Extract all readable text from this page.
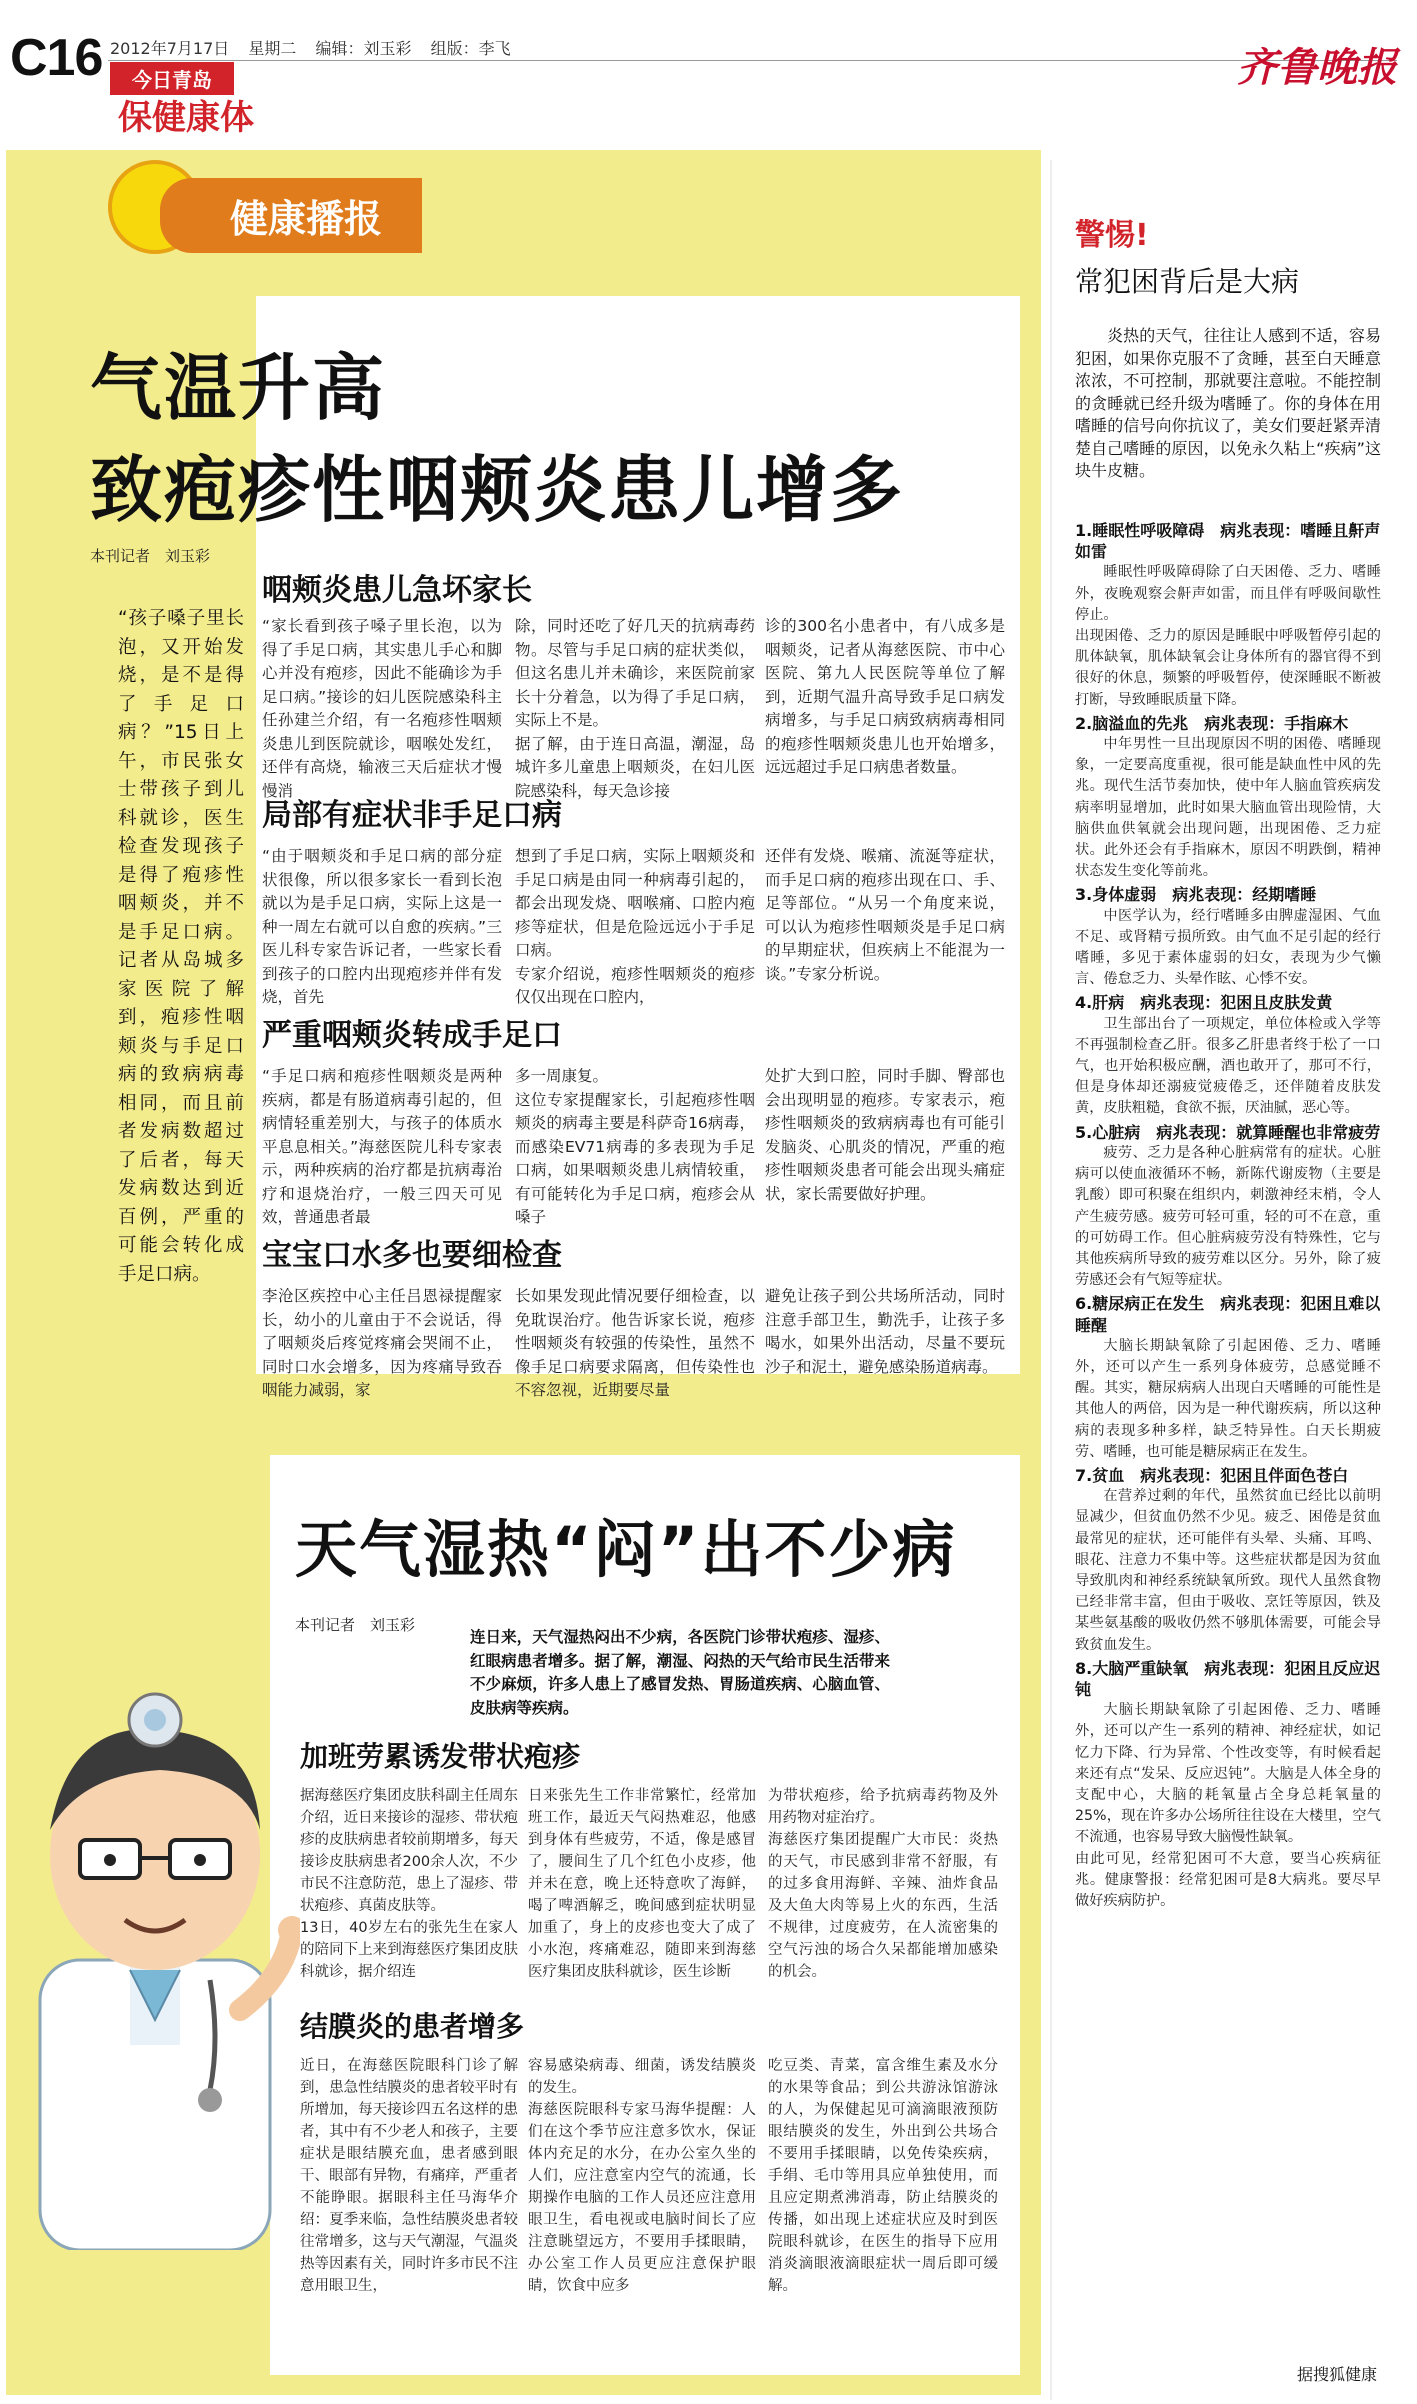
C16 2012年7月17日 星期二 编辑：刘玉彩 组版：李飞
今日青岛
保健康体
齐鲁晚报
健康播报
气温升高
致疱疹性咽颊炎患儿增多
本刊记者　刘玉彩
“孩子嗓子里长泡，又开始发烧，是不是得了手足口病？”15日上午，市民张女士带孩子到儿科就诊，医生检查发现孩子是得了疱疹性咽颊炎，并不是手足口病。记者从岛城多家医院了解到，疱疹性咽颊炎与手足口病的致病病毒相同，而且前者发病数超过了后者，每天发病数达到近百例，严重的可能会转化成手足口病。
咽颊炎患儿急坏家长
“家长看到孩子嗓子里长泡，以为得了手足口病，其实患儿手心和脚心并没有疱疹，因此不能确诊为手足口病。”接诊的妇儿医院感染科主任孙建兰介绍，有一名疱疹性咽颊炎患儿到医院就诊，咽喉处发红，还伴有高烧，输液三天后症状才慢慢消
除，同时还吃了好几天的抗病毒药物。尽管与手足口病的症状类似，但这名患儿并未确诊，来医院前家长十分着急，以为得了手足口病，实际上不是。
据了解，由于连日高温，潮湿，岛城许多儿童患上咽颊炎，在妇儿医院感染科，每天急诊接
诊的300名小患者中，有八成多是咽颊炎，记者从海慈医院、市中心医院、第九人民医院等单位了解到，近期气温升高导致手足口病发病增多，与手足口病致病病毒相同的疱疹性咽颊炎患儿也开始增多，远远超过手足口病患者数量。
局部有症状非手足口病
“由于咽颊炎和手足口病的部分症状很像，所以很多家长一看到长泡就以为是手足口病，实际上这是一种一周左右就可以自愈的疾病。”三医儿科专家告诉记者，一些家长看到孩子的口腔内出现疱疹并伴有发烧，首先
想到了手足口病，实际上咽颊炎和手足口病是由同一种病毒引起的，都会出现发烧、咽喉痛、口腔内疱疹等症状，但是危险远远小于手足口病。
专家介绍说，疱疹性咽颊炎的疱疹仅仅出现在口腔内，
还伴有发烧、喉痛、流涎等症状，而手足口病的疱疹出现在口、手、足等部位。“从另一个角度来说，可以认为疱疹性咽颊炎是手足口病的早期症状，但疾病上不能混为一谈。”专家分析说。
严重咽颊炎转成手足口
“手足口病和疱疹性咽颊炎是两种疾病，都是有肠道病毒引起的，但病情轻重差别大，与孩子的体质水平息息相关。”海慈医院儿科专家表示，两种疾病的治疗都是抗病毒治疗和退烧治疗，一般三四天可见效，普通患者最
多一周康复。
这位专家提醒家长，引起疱疹性咽颊炎的病毒主要是科萨奇16病毒，而感染EV71病毒的多表现为手足口病，如果咽颊炎患儿病情较重，有可能转化为手足口病，疱疹会从嗓子
处扩大到口腔，同时手脚、臀部也会出现明显的疱疹。专家表示，疱疹性咽颊炎的致病病毒也有可能引发脑炎、心肌炎的情况，严重的疱疹性咽颊炎患者可能会出现头痛症状，家长需要做好护理。
宝宝口水多也要细检查
李沧区疾控中心主任吕恩禄提醒家长，幼小的儿童由于不会说话，得了咽颊炎后疼觉疼痛会哭闹不止，同时口水会增多，因为疼痛导致吞咽能力减弱，家
长如果发现此情况要仔细检查，以免耽误治疗。他告诉家长说，疱疹性咽颊炎有较强的传染性，虽然不像手足口病要求隔离，但传染性也不容忽视，近期要尽量
避免让孩子到公共场所活动，同时注意手部卫生，勤洗手，让孩子多喝水，如果外出活动，尽量不要玩沙子和泥土，避免感染肠道病毒。
天气湿热“闷”出不少病
本刊记者　刘玉彩
连日来，天气湿热闷出不少病，各医院门诊带状疱疹、湿疹、红眼病患者增多。据了解，潮湿、闷热的天气给市民生活带来不少麻烦，许多人患上了感冒发热、胃肠道疾病、心脑血管、皮肤病等疾病。
加班劳累诱发带状疱疹
据海慈医疗集团皮肤科副主任周东介绍，近日来接诊的湿疹、带状疱疹的皮肤病患者较前期增多，每天接诊皮肤病患者200余人次，不少市民不注意防范，患上了湿疹、带状疱疹、真菌皮肤等。
13日，40岁左右的张先生在家人的陪同下上来到海慈医疗集团皮肤科就诊，据介绍连
日来张先生工作非常繁忙，经常加班工作，最近天气闷热难忍，他感到身体有些疲劳，不适，像是感冒了，腰间生了几个红色小皮疹，他并未在意，晚上还特意吹了海鲜，喝了啤酒解乏，晚间感到症状明显加重了，身上的皮疹也变大了成了小水泡，疼痛难忍，随即来到海慈医疗集团皮肤科就诊，医生诊断
为带状疱疹，给予抗病毒药物及外用药物对症治疗。
海慈医疗集团提醒广大市民：炎热的天气，市民感到非常不舒服，有的过多食用海鲜、辛辣、油炸食品及大鱼大肉等易上火的东西，生活不规律，过度疲劳，在人流密集的空气污浊的场合久呆都能增加感染的机会。
结膜炎的患者增多
近日，在海慈医院眼科门诊了解到，患急性结膜炎的患者较平时有所增加，每天接诊四五名这样的患者，其中有不少老人和孩子，主要症状是眼结膜充血，患者感到眼干、眼部有异物，有痛痒，严重者不能睁眼。据眼科主任马海华介绍：夏季来临，急性结膜炎患者较往常增多，这与天气潮湿，气温炎热等因素有关，同时许多市民不注意用眼卫生，
容易感染病毒、细菌，诱发结膜炎的发生。
海慈医院眼科专家马海华提醒：人们在这个季节应注意多饮水，保证体内充足的水分，在办公室久坐的人们，应注意室内空气的流通，长期操作电脑的工作人员还应注意用眼卫生，看电视或电脑时间长了应注意眺望远方，不要用手揉眼睛，办公室工作人员更应注意保护眼睛，饮食中应多
吃豆类、青菜，富含维生素及水分的水果等食品；到公共游泳馆游泳的人，为保健起见可滴滴眼液预防眼结膜炎的发生，外出到公共场合不要用手揉眼睛，以免传染疾病，手绢、毛巾等用具应单独使用，而且应定期煮沸消毒，防止结膜炎的传播，如出现上述症状应及时到医院眼科就诊，在医生的指导下应用消炎滴眼液滴眼症状一周后即可缓解。
警惕!
常犯困背后是大病
炎热的天气，往往让人感到不适，容易犯困，如果你克服不了贪睡，甚至白天睡意浓浓，不可控制，那就要注意啦。不能控制的贪睡就已经升级为嗜睡了。你的身体在用嗜睡的信号向你抗议了，美女们要赶紧弄清楚自己嗜睡的原因，以免永久粘上“疾病”这块牛皮糖。
1.睡眠性呼吸障碍　病兆表现：嗜睡且鼾声如雷

睡眠性呼吸障碍除了白天困倦、乏力、嗜睡外，夜晚观察会鼾声如雷，而且伴有呼吸间歇性停止。
出现困倦、乏力的原因是睡眠中呼吸暂停引起的肌体缺氧，肌体缺氧会让身体所有的器官得不到很好的休息，频繁的呼吸暂停，使深睡眠不断被打断，导致睡眠质量下降。

2.脑溢血的先兆　病兆表现：手指麻木

中年男性一旦出现原因不明的困倦、嗜睡现象，一定要高度重视，很可能是缺血性中风的先兆。现代生活节奏加快，使中年人脑血管疾病发病率明显增加，此时如果大脑血管出现险情，大脑供血供氧就会出现问题，出现困倦、乏力症状。此外还会有手指麻木，原因不明跌倒，精神状态发生变化等前兆。

3.身体虚弱　病兆表现：经期嗜睡

中医学认为，经行嗜睡多由脾虚湿困、气血不足、或肾精亏损所致。由气血不足引起的经行嗜睡，多见于素体虚弱的妇女，表现为少气懒言、倦怠乏力、头晕作眩、心悸不安。

4.肝病　病兆表现：犯困且皮肤发黄

卫生部出台了一项规定，单位体检或入学等不再强制检查乙肝。很多乙肝患者终于松了一口气，也开始积极应酬，酒也敢开了，那可不行，但是身体却还溺疲觉疲倦乏，还伴随着皮肤发黄，皮肤粗糙，食欲不振，厌油腻，恶心等。

5.心脏病　病兆表现：就算睡醒也非常疲劳

疲劳、乏力是各种心脏病常有的症状。心脏病可以使血液循环不畅，新陈代谢废物（主要是乳酸）即可积聚在组织内，刺激神经末梢，令人产生疲劳感。疲劳可轻可重，轻的可不在意，重的可妨碍工作。但心脏病疲劳没有特殊性，它与其他疾病所导致的疲劳难以区分。另外，除了疲劳感还会有气短等症状。

6.糖尿病正在发生　病兆表现：犯困且难以睡醒

大脑长期缺氧除了引起困倦、乏力、嗜睡外，还可以产生一系列身体疲劳，总感觉睡不醒。其实，糖尿病病人出现白天嗜睡的可能性是其他人的两倍，因为是一种代谢疾病，所以这种病的表现多种多样，缺乏特异性。白天长期疲劳、嗜睡，也可能是糖尿病正在发生。

7.贫血　病兆表现：犯困且伴面色苍白

在营养过剩的年代，虽然贫血已经比以前明显减少，但贫血仍然不少见。疲乏、困倦是贫血最常见的症状，还可能伴有头晕、头痛、耳鸣、眼花、注意力不集中等。这些症状都是因为贫血导致肌肉和神经系统缺氧所致。现代人虽然食物已经非常丰富，但由于吸收、烹饪等原因，铁及某些氨基酸的吸收仍然不够肌体需要，可能会导致贫血发生。

8.大脑严重缺氧　病兆表现：犯困且反应迟钝

大脑长期缺氧除了引起困倦、乏力、嗜睡外，还可以产生一系列的精神、神经症状，如记忆力下降、行为异常、个性改变等，有时候看起来还有点“发呆、反应迟钝”。大脑是人体全身的支配中心，大脑的耗氧量占全身总耗氧量的25%，现在许多办公场所往往设在大楼里，空气不流通，也容易导致大脑慢性缺氧。
由此可见，经常犯困可不大意，要当心疾病征兆。健康警报：经常犯困可是8大病兆。要尽早做好疾病防护。

据搜狐健康
